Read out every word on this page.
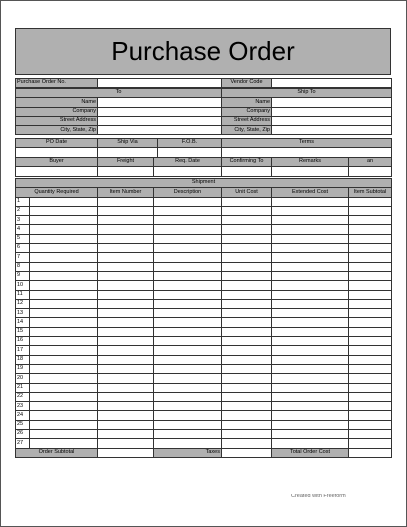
Purchase Order
Purchase Order No.		Vendor Code	
To		Ship To	
Name		Name	
Company		Company	
Street Address		Street Address	
City, State, Zip		City, State, Zip	
PO Date	Ship Via	F.O.B.	Terms

Buyer	Freight	Req. Date	Confirming To	Remarks	an

Shipment						
Quantity Required		Item Number	Description	Unit Cost	Extended Cost	Item Subtotal
1						
2						
3						
4						
5						
6						
7						
8						
9						
10						
11						
12						
13						
14						
15						
16						
17						
18						
19						
20						
21						
22						
23						
24						
25						
26						
27						
Order Subtotal			Taxes		Total Order Cost	
Created with Freeform
